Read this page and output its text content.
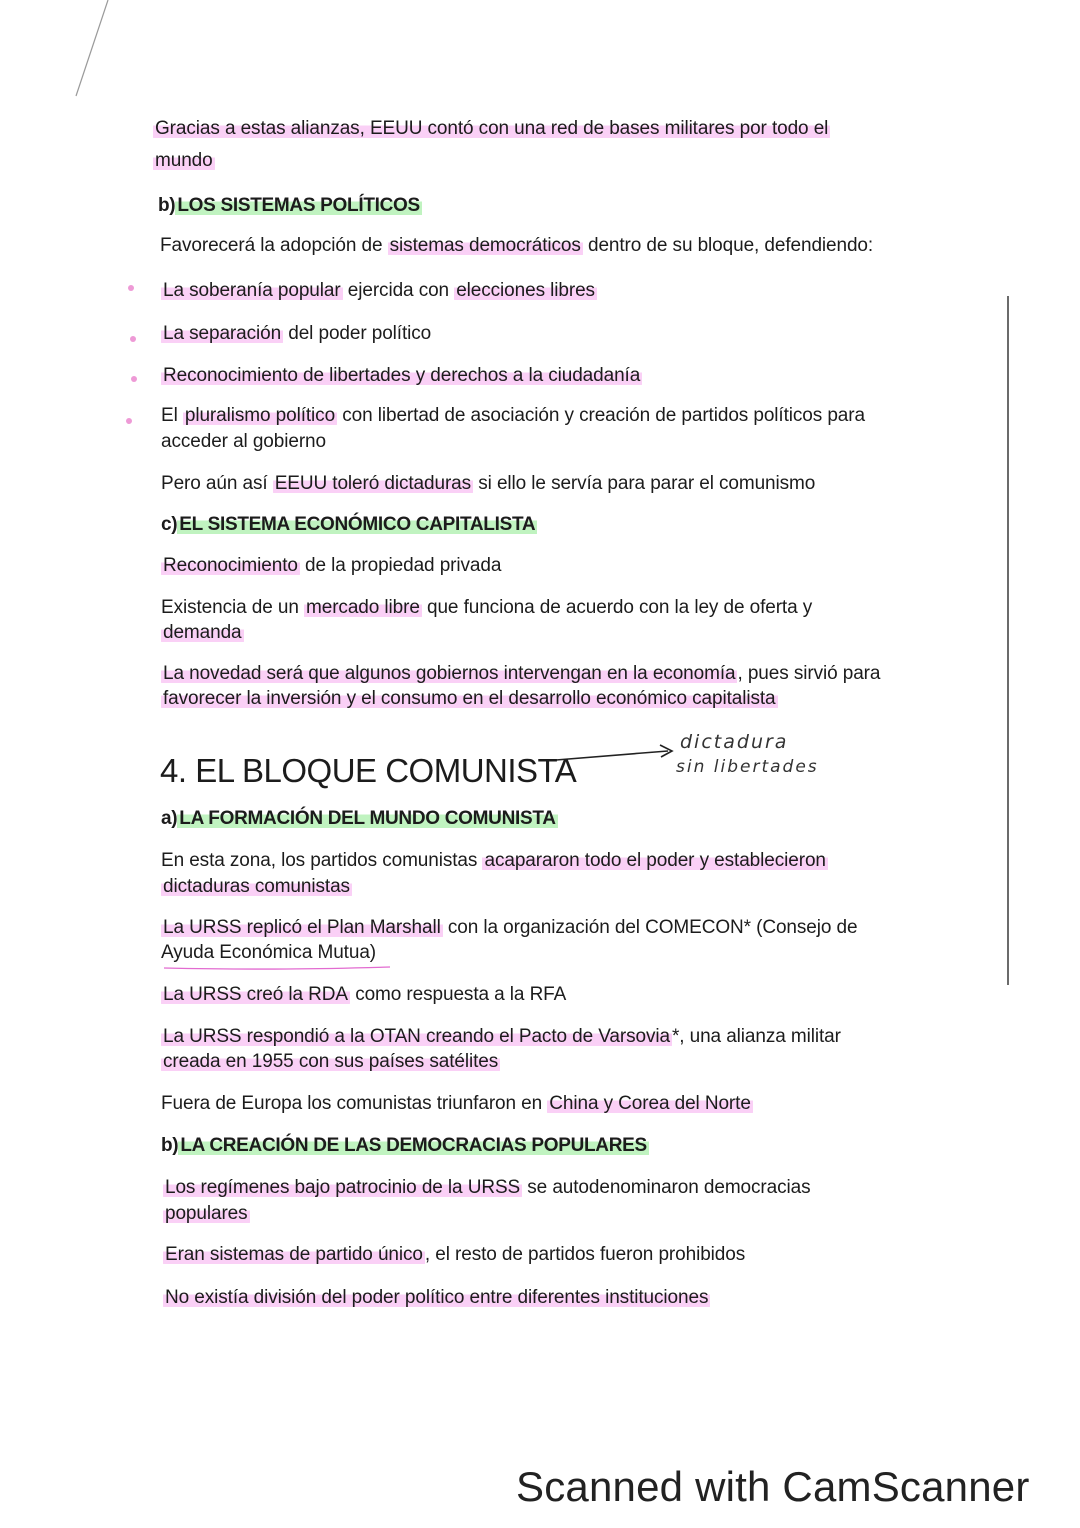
Gracias a estas alianzas, EEUU contó con una red de bases militares por todo el
mundo
b) LOS SISTEMAS POLÍTICOS
Favorecerá la adopción de sistemas democráticos dentro de su bloque, defendiendo:
La soberanía popular ejercida con elecciones libres
La separación del poder político
Reconocimiento de libertades y derechos a la ciudadanía
El pluralismo político con libertad de asociación y creación de partidos políticos para
acceder al gobierno
Pero aún así EEUU toleró dictaduras si ello le servía para parar el comunismo
c) EL SISTEMA ECONÓMICO CAPITALISTA
Reconocimiento de la propiedad privada
Existencia de un mercado libre que funciona de acuerdo con la ley de oferta y
demanda
La novedad será que algunos gobiernos intervengan en la economía , pues sirvió para
favorecer la inversión y el consumo en el desarrollo económico capitalista
4. EL BLOQUE COMUNISTA
dictadura
sin libertades
a) LA FORMACIÓN DEL MUNDO COMUNISTA
En esta zona, los partidos comunistas acapararon todo el poder y establecieron
dictaduras comunistas
La URSS replicó el Plan Marshall con la organización del COMECON* (Consejo de
Ayuda Económica Mutua)
La URSS creó la RDA como respuesta a la RFA
La URSS respondió a la OTAN creando el Pacto de Varsovia *, una alianza militar
creada en 1955 con sus países satélites
Fuera de Europa los comunistas triunfaron en China y Corea del Norte
b) LA CREACIÓN DE LAS DEMOCRACIAS POPULARES
Los regímenes bajo patrocinio de la URSS se autodenominaron democracias
populares
Eran sistemas de partido único , el resto de partidos fueron prohibidos
No existía división del poder político entre diferentes instituciones
Scanned with CamScanner
